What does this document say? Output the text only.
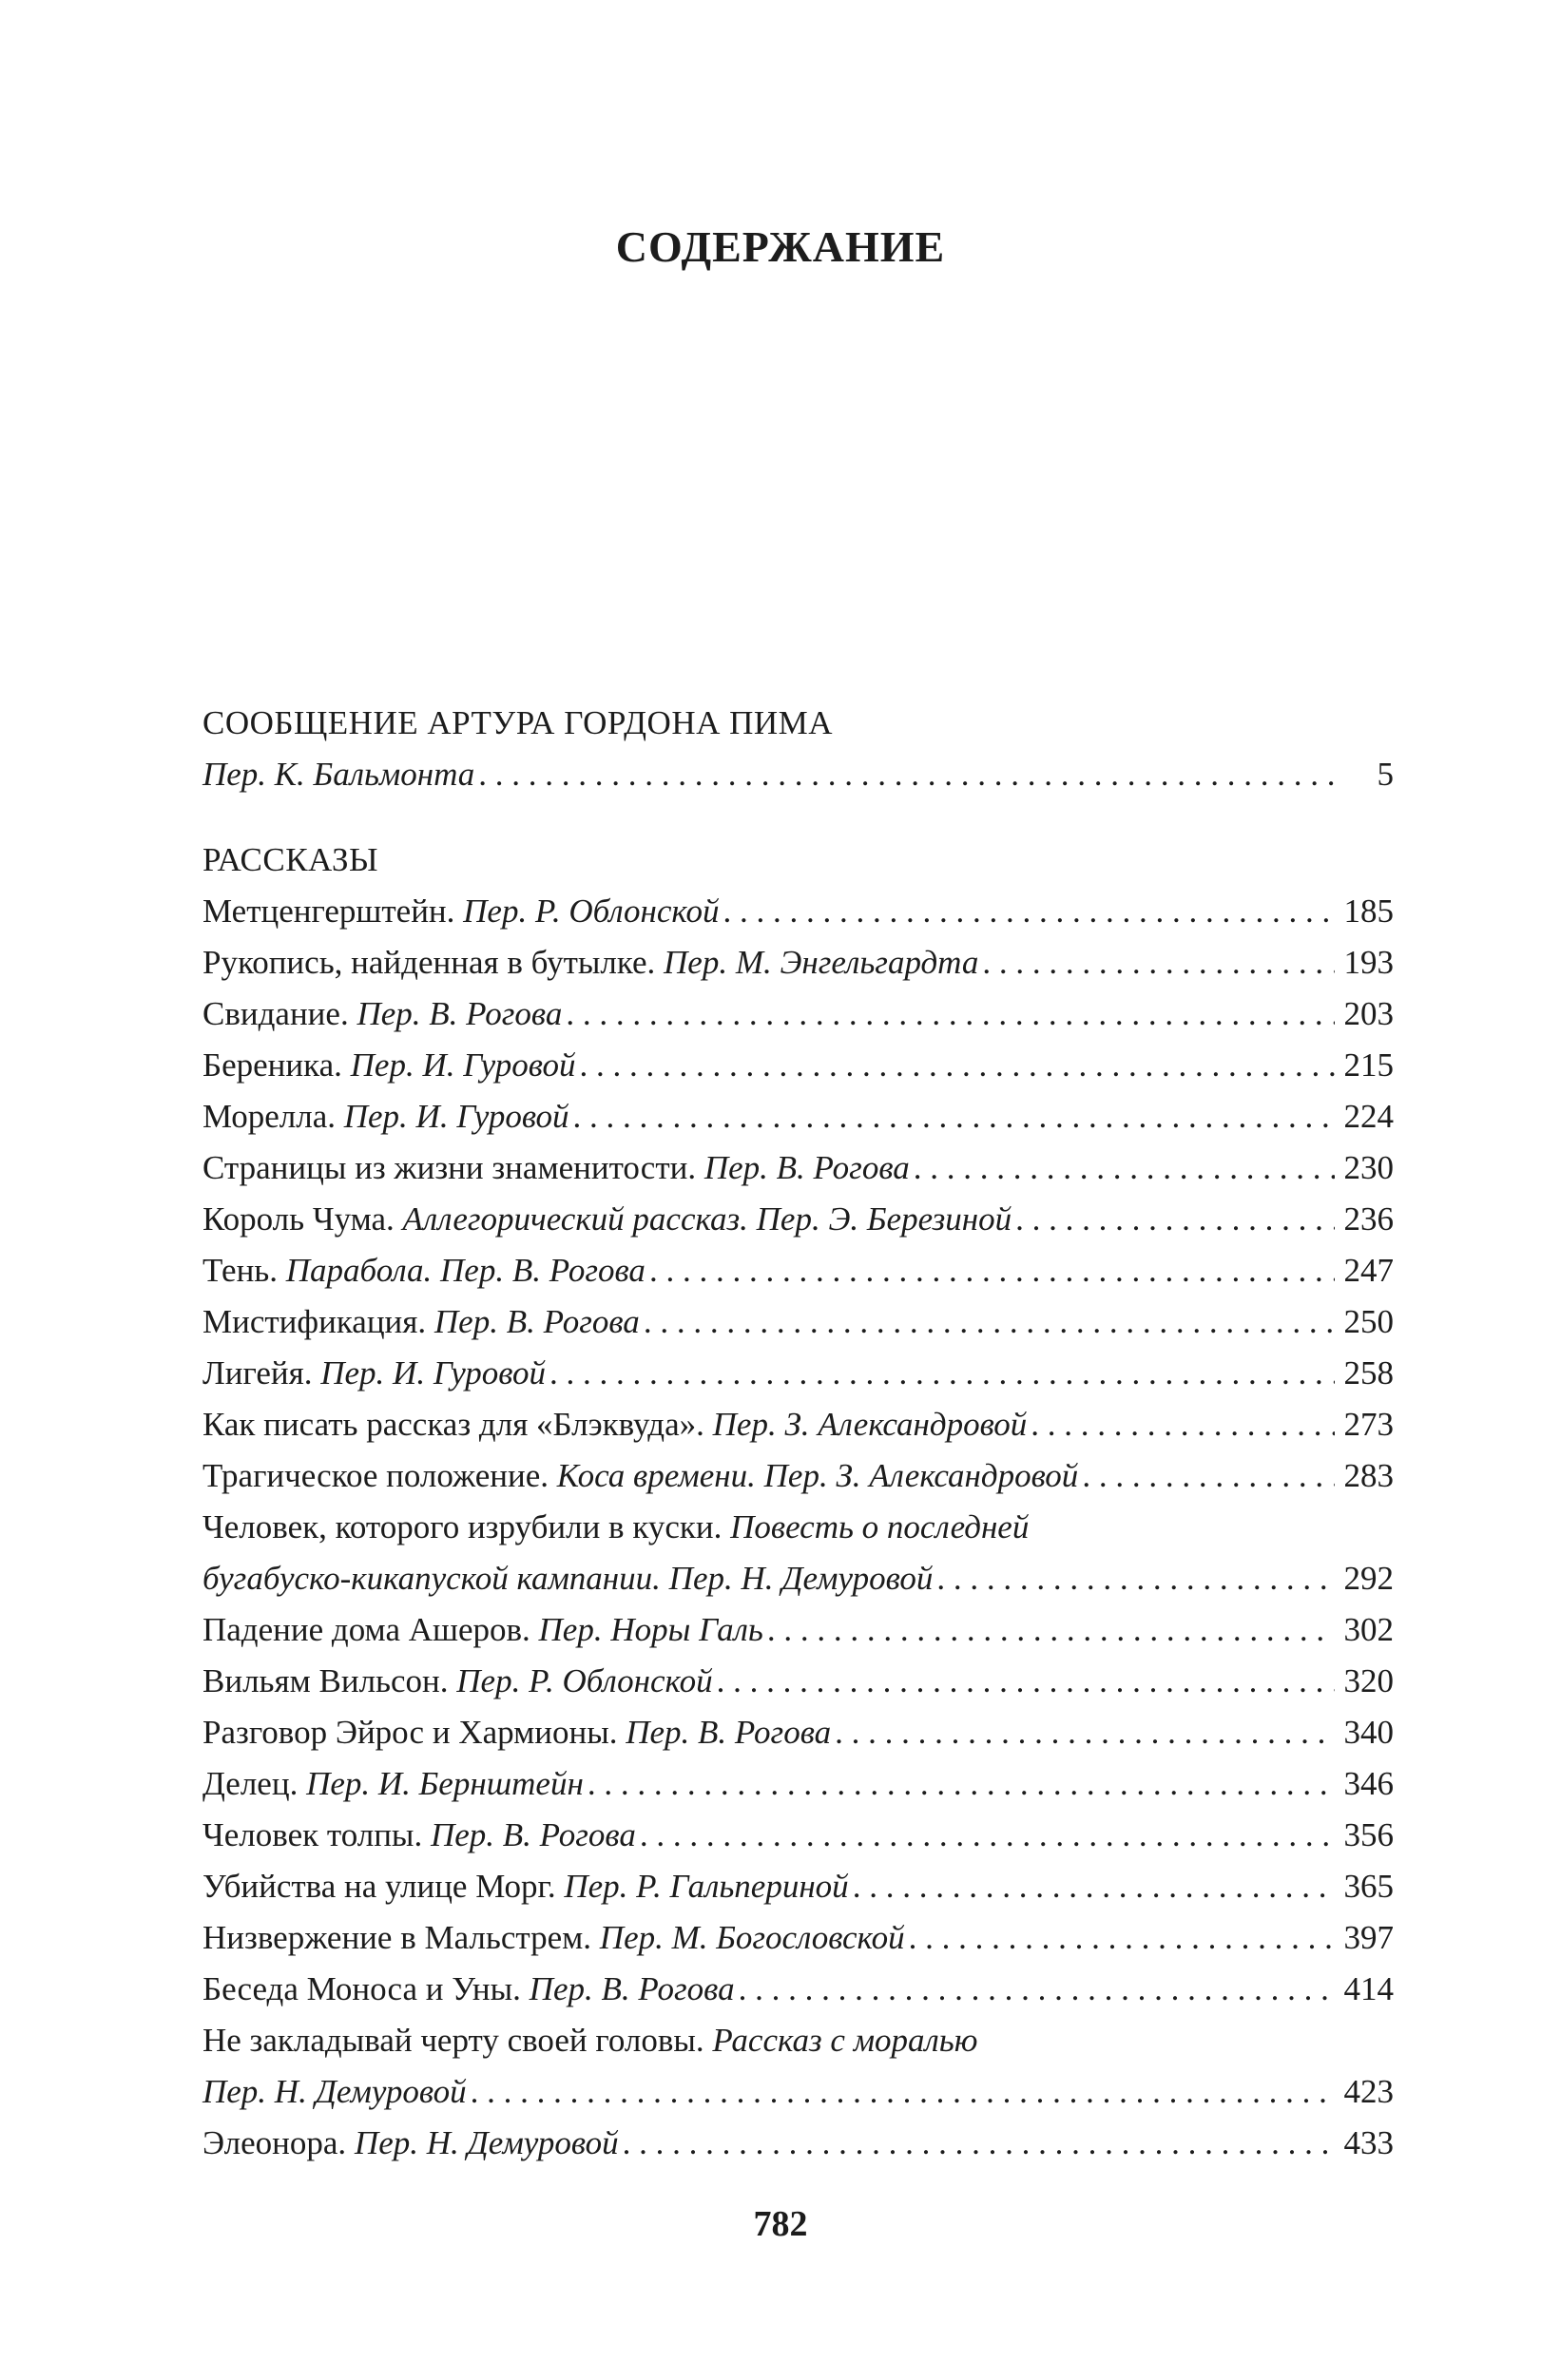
СОДЕРЖАНИЕ
СООБЩЕНИЕ АРТУРА ГОРДОНА ПИМА
Пер. К. Бальмонта . . .	5
РАССКАЗЫ
Метценгерштейн. Пер. Р. Облонской . . .	185
Рукопись, найденная в бутылке. Пер. М. Энгельгардта . . .	193
Свидание. Пер. В. Рогова . . .	203
Береника. Пер. И. Гуровой . . .	215
Морелла. Пер. И. Гуровой . . .	224
Страницы из жизни знаменитости. Пер. В. Рогова . . .	230
Король Чума. Аллегорический рассказ. Пер. Э. Березиной . . .	236
Тень. Парабола. Пер. В. Рогова . . .	247
Мистификация. Пер. В. Рогова . . .	250
Лигейя. Пер. И. Гуровой . . .	258
Как писать рассказ для «Блэквуда». Пер. З. Александровой . . .	273
Трагическое положение. Коса времени. Пер. З. Александровой . . .	283
Человек, которого изрубили в куски. Повесть о последней
бугабуско-кикапуской кампании. Пер. Н. Демуровой . . .	292
Падение дома Ашеров. Пер. Норы Галь . . .	302
Вильям Вильсон. Пер. Р. Облонской . . .	320
Разговор Эйрос и Хармионы. Пер. В. Рогова . . .	340
Делец. Пер. И. Бернштейн . . .	346
Человек толпы. Пер. В. Рогова . . .	356
Убийства на улице Морг. Пер. Р. Гальпериной . . .	365
Низвержение в Мальстрем. Пер. М. Богословской . . .	397
Беседа Моноса и Уны. Пер. В. Рогова . . .	414
Не закладывай черту своей головы. Рассказ с моралью
Пер. Н. Демуровой . . .	423
Элеонора. Пер. Н. Демуровой . . .	433
782
